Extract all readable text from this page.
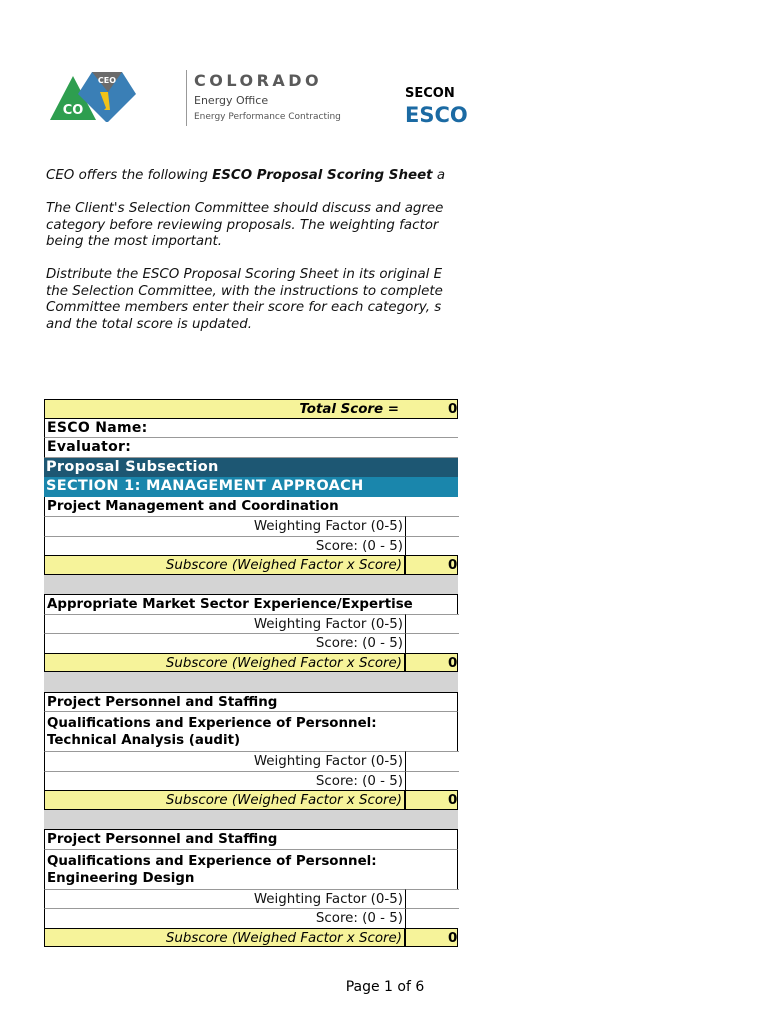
CEO
CO
COLORADO
Energy Office
Energy Performance Contracting
SECON
ESCO
CEO offers the following ESCO Proposal Scoring Sheet a
The Client's Selection Committee should discuss and agree
category before reviewing proposals. The weighting factor
being the most important.
Distribute the ESCO Proposal Scoring Sheet in its original E
the Selection Committee, with the instructions to complete
Committee members enter their score for each category, s
and the total score is updated.
Total Score =	0
ESCO Name:
Evaluator:
Proposal Subsection
SECTION 1: MANAGEMENT APPROACH
Project Management and Coordination
Weighting Factor (0-5)
Score: (0 - 5)
Subscore (Weighed Factor x Score)	0
Appropriate Market Sector Experience/Expertise
Weighting Factor (0-5)
Score: (0 - 5)
Subscore (Weighed Factor x Score)	0
Project Personnel and Staffing
Qualifications and Experience of Personnel:
Technical Analysis (audit)
Weighting Factor (0-5)
Score: (0 - 5)
Subscore (Weighed Factor x Score)	0
Project Personnel and Staffing
Qualifications and Experience of Personnel:
Engineering Design
Weighting Factor (0-5)
Score: (0 - 5)
Subscore (Weighed Factor x Score)	0
Page 1 of 6
